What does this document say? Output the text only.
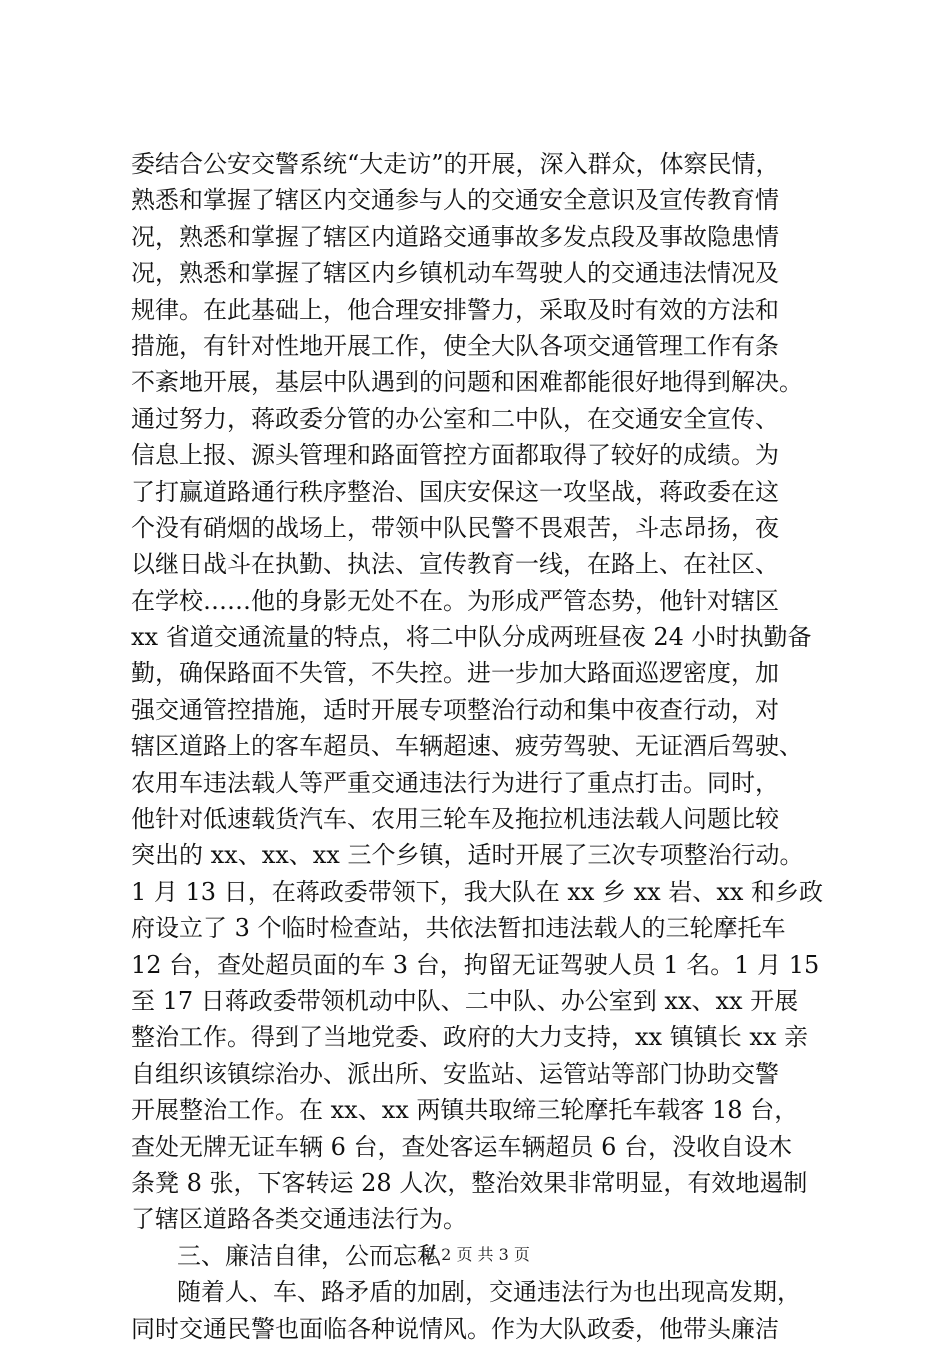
委结合公安交警系统“大走访”的开展，深入群众，体察民情，
熟悉和掌握了辖区内交通参与人的交通安全意识及宣传教育情
况，熟悉和掌握了辖区内道路交通事故多发点段及事故隐患情
况，熟悉和掌握了辖区内乡镇机动车驾驶人的交通违法情况及
规律。在此基础上，他合理安排警力，采取及时有效的方法和
措施，有针对性地开展工作，使全大队各项交通管理工作有条
不紊地开展，基层中队遇到的问题和困难都能很好地得到解决。
通过努力，蒋政委分管的办公室和二中队，在交通安全宣传、
信息上报、源头管理和路面管控方面都取得了较好的成绩。为
了打赢道路通行秩序整治、国庆安保这一攻坚战，蒋政委在这
个没有硝烟的战场上，带领中队民警不畏艰苦，斗志昂扬，夜
以继日战斗在执勤、执法、宣传教育一线，在路上、在社区、
在学校……他的身影无处不在。为形成严管态势，他针对辖区
xx 省道交通流量的特点，将二中队分成两班昼夜 24 小时执勤备
勤，确保路面不失管，不失控。进一步加大路面巡逻密度，加
强交通管控措施，适时开展专项整治行动和集中夜查行动，对
辖区道路上的客车超员、车辆超速、疲劳驾驶、无证酒后驾驶、
农用车违法载人等严重交通违法行为进行了重点打击。同时，
他针对低速载货汽车、农用三轮车及拖拉机违法载人问题比较
突出的 xx、xx、xx 三个乡镇，适时开展了三次专项整治行动。
1 月 13 日，在蒋政委带领下，我大队在 xx 乡 xx 岩、xx 和乡政
府设立了 3 个临时检查站，共依法暂扣违法载人的三轮摩托车
12 台，查处超员面的车 3 台，拘留无证驾驶人员 1 名。1 月 15
至 17 日蒋政委带领机动中队、二中队、办公室到 xx、xx 开展
整治工作。得到了当地党委、政府的大力支持，xx 镇镇长 xx 亲
自组织该镇综治办、派出所、安监站、运管站等部门协助交警
开展整治工作。在 xx、xx 两镇共取缔三轮摩托车载客 18 台，
查处无牌无证车辆 6 台，查处客运车辆超员 6 台，没收自设木
条凳 8 张，下客转运 28 人次，整治效果非常明显，有效地遏制
了辖区道路各类交通违法行为。
三、廉洁自律，公而忘私
随着人、车、路矛盾的加剧，交通违法行为也出现高发期，
同时交通民警也面临各种说情风。作为大队政委，他带头廉洁
第 2 页 共 3 页
